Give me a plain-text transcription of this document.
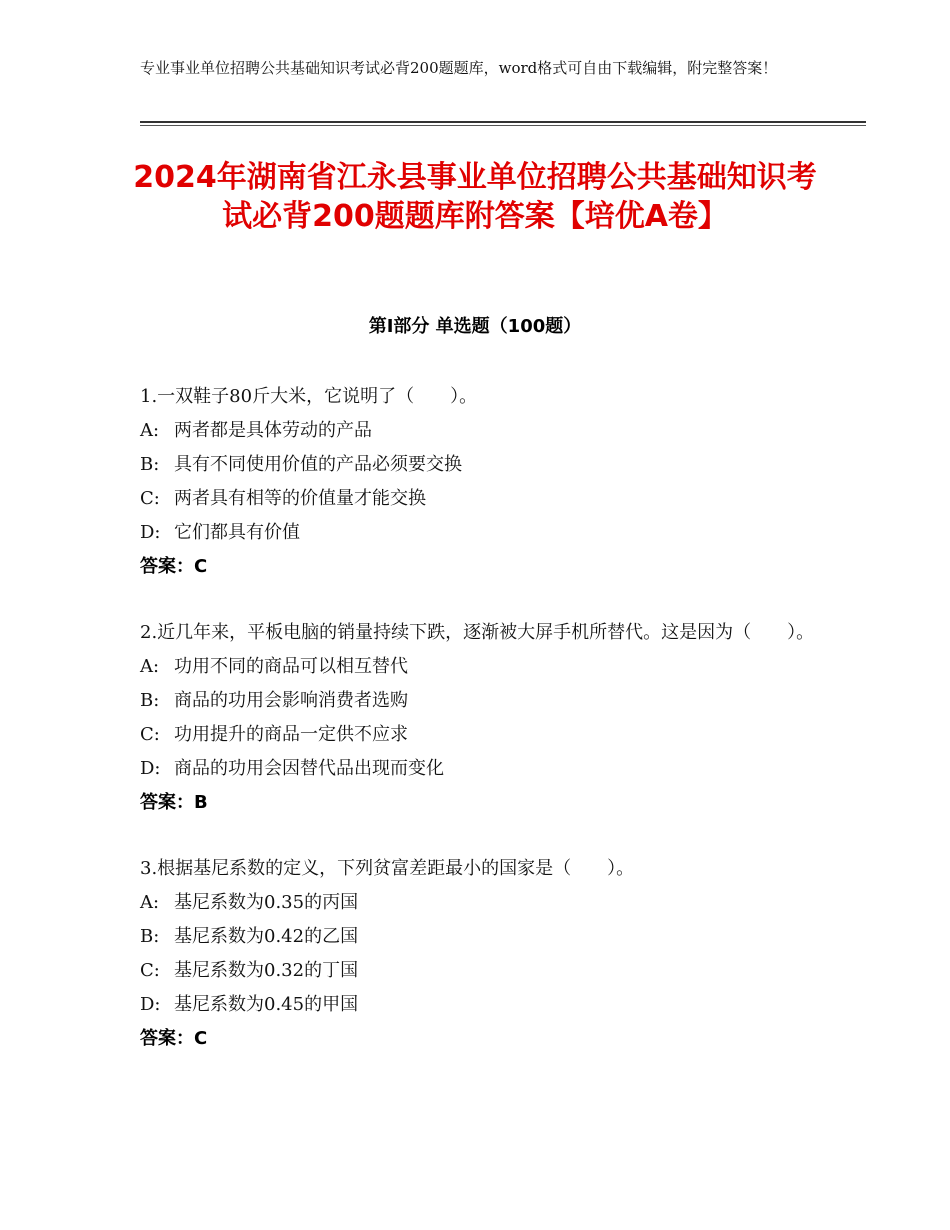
专业事业单位招聘公共基础知识考试必背200题题库，word格式可自由下载编辑，附完整答案！
2024年湖南省江永县事业单位招聘公共基础知识考试必背200题题库附答案【培优A卷】
第Ⅰ部分 单选题（100题）
1.一双鞋子80斤大米，它说明了（　　）。
A: 两者都是具体劳动的产品
B: 具有不同使用价值的产品必须要交换
C: 两者具有相等的价值量才能交换
D: 它们都具有价值
答案：C
2.近几年来，平板电脑的销量持续下跌，逐渐被大屏手机所替代。这是因为（　　）。
A: 功用不同的商品可以相互替代
B: 商品的功用会影响消费者选购
C: 功用提升的商品一定供不应求
D: 商品的功用会因替代品出现而变化
答案：B
3.根据基尼系数的定义，下列贫富差距最小的国家是（　　）。
A: 基尼系数为0.35的丙国
B: 基尼系数为0.42的乙国
C: 基尼系数为0.32的丁国
D: 基尼系数为0.45的甲国
答案：C
